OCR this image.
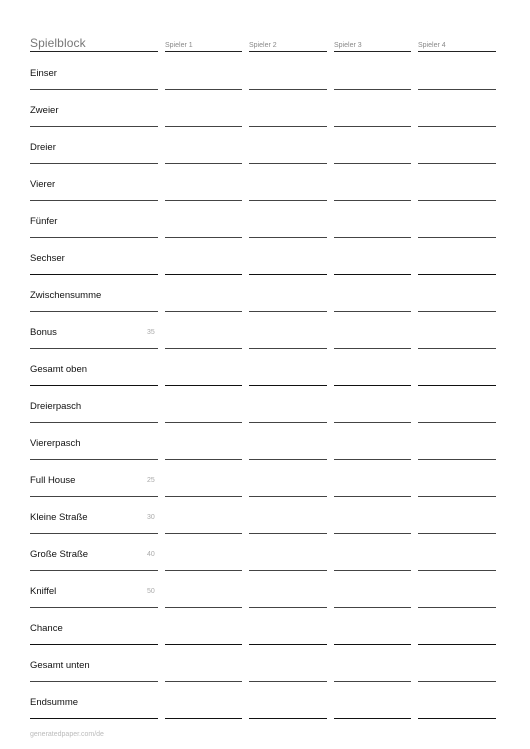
Spielblock	Spieler 1	Spieler 2	Spieler 3	Spieler 4
Einser
Zweier
Dreier
Vierer
Fünfer
Sechser
Zwischensumme
Bonus	35
Gesamt oben
Dreierpasch
Viererpasch
Full House	25
Kleine Straße	30
Große Straße	40
Kniffel	50
Chance
Gesamt unten
Endsumme
generatedpaper.com/de
